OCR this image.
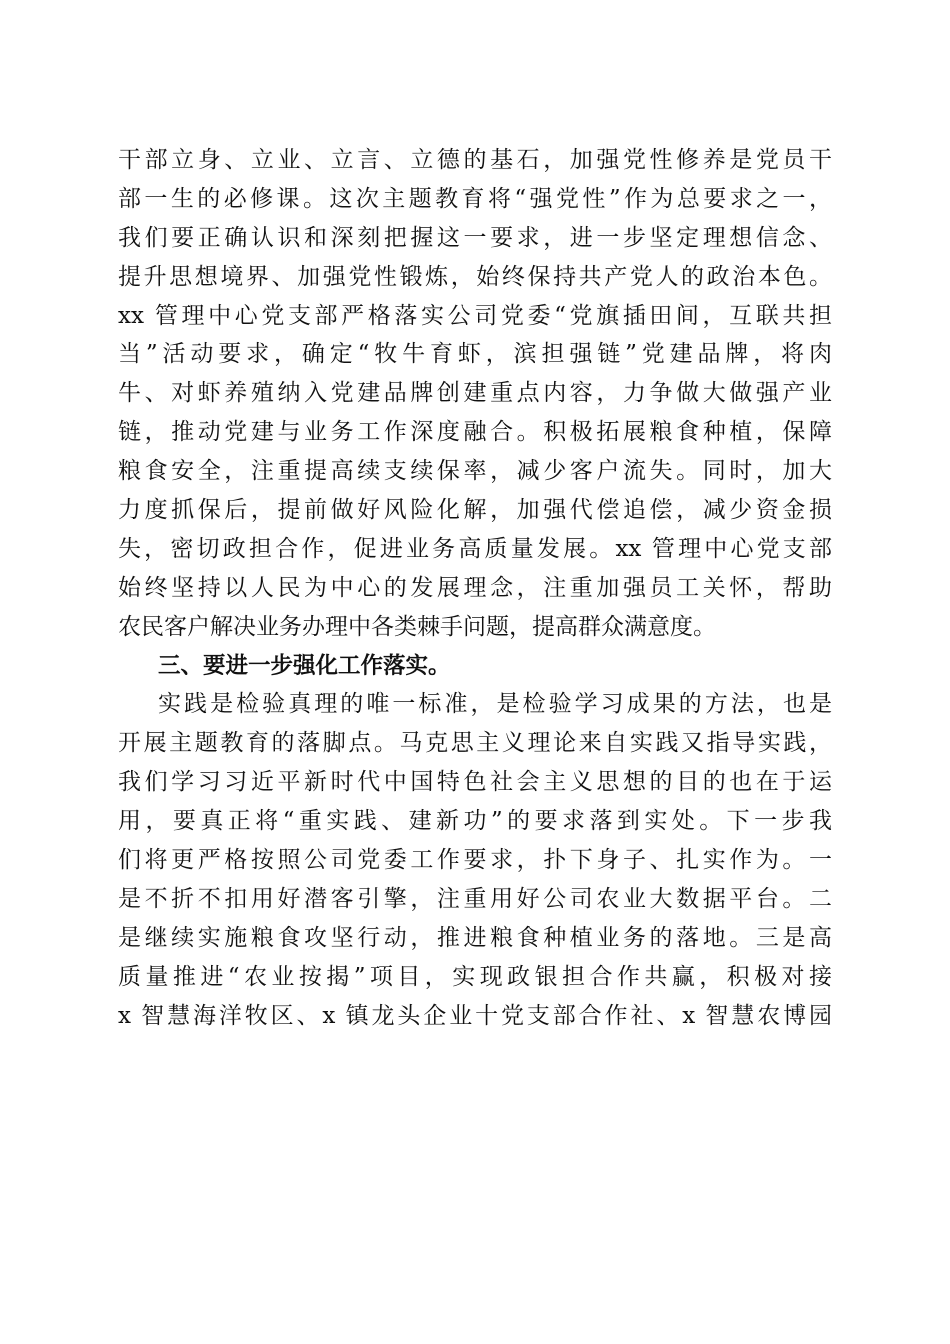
干部立身、立业、立言、立德的基石，加强党性修养是党员干
部一生的必修课。这次主题教育将“强党性”作为总要求之一，
我们要正确认识和深刻把握这一要求，进一步坚定理想信念、
提升思想境界、加强党性锻炼，始终保持共产党人的政治本色。
xx 管理中心党支部严格落实公司党委“党旗插田间，互联共担
当”活动要求，确定“牧牛育虾，滨担强链”党建品牌，将肉
牛、对虾养殖纳入党建品牌创建重点内容，力争做大做强产业
链，推动党建与业务工作深度融合。积极拓展粮食种植，保障
粮食安全，注重提高续支续保率，减少客户流失。同时，加大
力度抓保后，提前做好风险化解，加强代偿追偿，减少资金损
失，密切政担合作，促进业务高质量发展。xx 管理中心党支部
始终坚持以人民为中心的发展理念，注重加强员工关怀，帮助
农民客户解决业务办理中各类棘手问题，提高群众满意度。
三、要进一步强化工作落实。
实践是检验真理的唯一标准，是检验学习成果的方法，也是
开展主题教育的落脚点。马克思主义理论来自实践又指导实践，
我们学习习近平新时代中国特色社会主义思想的目的也在于运
用，要真正将“重实践、建新功”的要求落到实处。下一步我
们将更严格按照公司党委工作要求，扑下身子、扎实作为。一
是不折不扣用好潜客引擎，注重用好公司农业大数据平台。二
是继续实施粮食攻坚行动，推进粮食种植业务的落地。三是高
质量推进“农业按揭”项目，实现政银担合作共赢，积极对接
x 智慧海洋牧区、x 镇龙头企业十党支部合作社、x 智慧农博园
